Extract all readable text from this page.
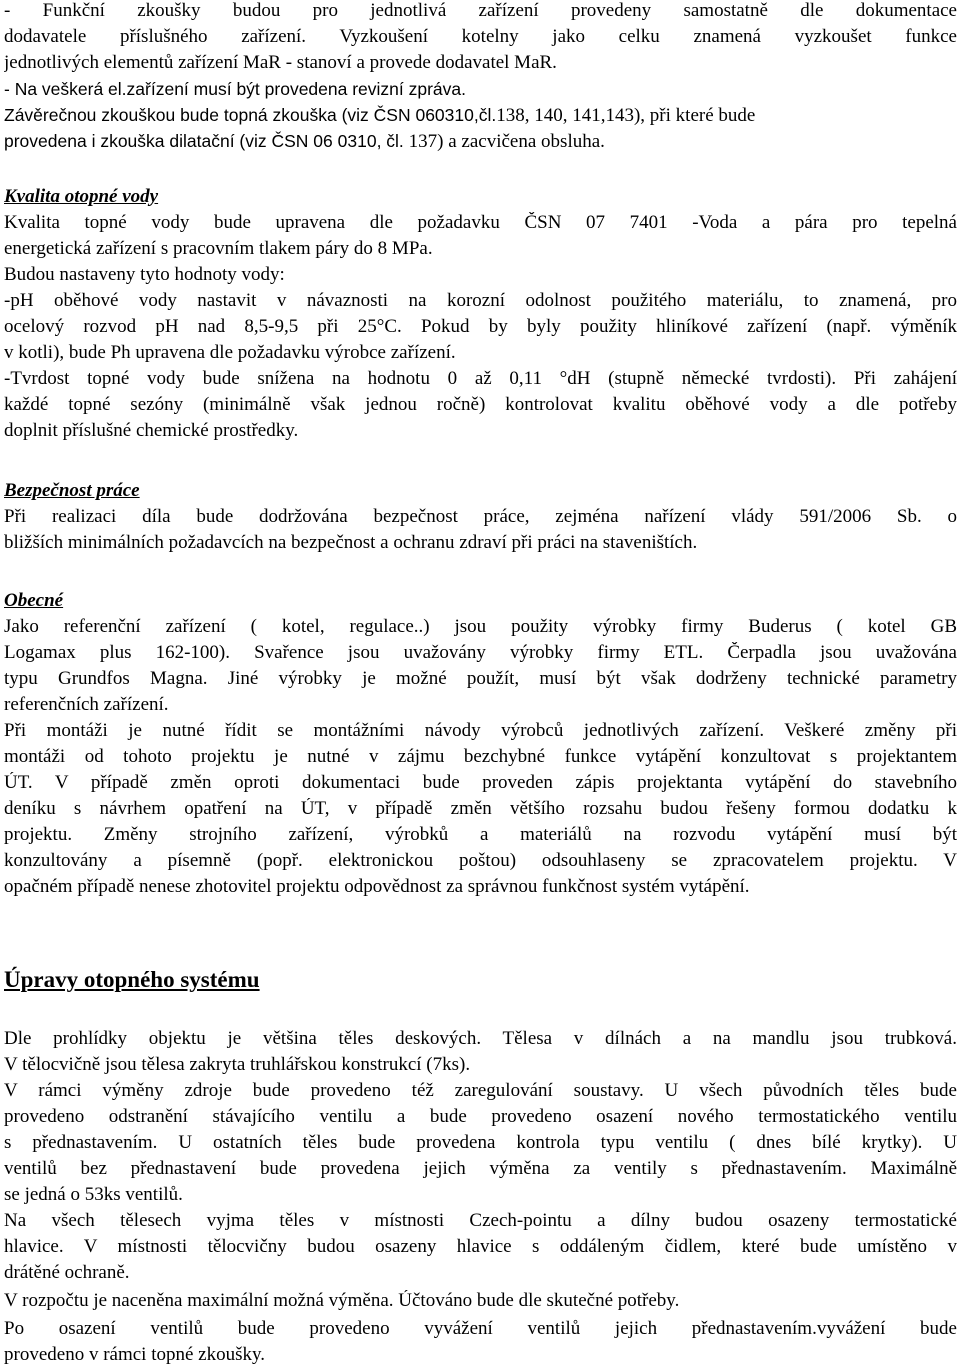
- Funkční zkoušky budou pro jednotlivá zařízení provedeny samostatně dle dokumentace
dodavatele příslušného zařízení. Vyzkoušení kotelny jako celku znamená vyzkoušet funkce
jednotlivých elementů zařízení MaR - stanoví a provede dodavatel MaR.
- Na veškerá el.zařízení musí být provedena revizní zpráva.
Závěrečnou zkouškou bude topná zkouška (viz ČSN 060310,čl.138, 140, 141,143), při které bude
provedena i zkouška dilatační (viz ČSN 06 0310, čl. 137) a zacvičena obsluha.
Kvalita otopné vody
Kvalita topné vody bude upravena dle požadavku ČSN 07 7401 -Voda a pára pro tepelná
energetická zařízení s pracovním tlakem páry do 8 MPa.
Budou nastaveny tyto hodnoty vody:
-pH oběhové vody nastavit v návaznosti na korozní odolnost použitého materiálu, to znamená, pro
ocelový rozvod pH nad 8,5-9,5 při 25°C. Pokud by byly použity hliníkové zařízení (např. výměník
v kotli), bude Ph upravena dle požadavku výrobce zařízení.
-Tvrdost topné vody bude snížena na hodnotu 0 až 0,11 °dH (stupně německé tvrdosti). Při zahájení
každé topné sezóny (minimálně však jednou ročně) kontrolovat kvalitu oběhové vody a dle potřeby
doplnit příslušné chemické prostředky.
Bezpečnost práce
Při realizaci díla bude dodržována bezpečnost práce, zejména nařízení vlády 591/2006 Sb. o
bližších minimálních požadavcích na bezpečnost a ochranu zdraví při práci na staveništích.
Obecné
Jako referenční zařízení ( kotel, regulace..) jsou použity výrobky firmy Buderus ( kotel GB
Logamax plus 162-100). Svařence jsou uvažovány výrobky firmy ETL. Čerpadla jsou uvažována
typu Grundfos Magna. Jiné výrobky je možné použít, musí být však dodrženy technické parametry
referenčních zařízení.
Při montáži je nutné řídit se montážními návody výrobců jednotlivých zařízení. Veškeré změny při
montáži od tohoto projektu je nutné v zájmu bezchybné funkce vytápění konzultovat s projektantem
ÚT. V případě změn oproti dokumentaci bude proveden zápis projektanta vytápění do stavebního
deníku s návrhem opatření na ÚT, v případě změn většího rozsahu budou řešeny formou dodatku k
projektu. Změny strojního zařízení, výrobků a materiálů na rozvodu vytápění musí být
konzultovány a písemně (popř. elektronickou poštou) odsouhlaseny se zpracovatelem projektu. V
opačném případě nenese zhotovitel projektu odpovědnost za správnou funkčnost systém vytápění.
Úpravy otopného systému
Dle prohlídky objektu je většina těles deskových. Tělesa v dílnách a na mandlu jsou trubková.
V tělocvičně jsou tělesa zakryta truhlářskou konstrukcí (7ks).
V rámci výměny zdroje bude provedeno též zaregulování soustavy. U všech původních těles bude
provedeno odstranění stávajícího ventilu a bude provedeno osazení nového termostatického ventilu
s přednastavením. U ostatních těles bude provedena kontrola typu ventilu ( dnes bílé krytky). U
ventilů bez přednastavení bude provedena jejich výměna za ventily s přednastavením. Maximálně
se jedná o 53ks ventilů.
Na všech tělesech vyjma těles v místnosti Czech-pointu a dílny budou osazeny termostatické
hlavice. V místnosti tělocvičny budou osazeny hlavice s oddáleným čidlem, které bude umístěno v
drátěné ochraně.
V rozpočtu je naceněna maximální možná výměna. Účtováno bude dle skutečné potřeby.
Po osazení ventilů bude provedeno vyvážení ventilů jejich přednastavením.vyvážení bude
provedeno v rámci topné zkoušky.
